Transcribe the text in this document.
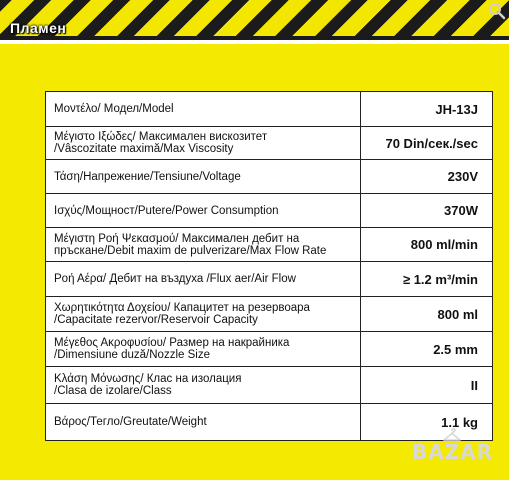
Пламен
Μοντέλο/ Модел/Model	JH-13J
Μέγιστο Ιξώδες/ Максимален вискозитет
/Vâscozitate maximă/Max Viscosity	70 Din/сек./sec
Τάση/Напрежение/Tensiune/Voltage	230V
Ισχύς/Мощност/Putere/Power Consumption	370W
Μέγιστη Ροή Ψεκασμού/ Максимален дебит на
пръскане/Debit maxim de pulverizare/Max Flow Rate	800 ml/min
Ροή Αέρα/ Дебит на въздуха /Flux aer/Air Flow	≥ 1.2 m³/min
Χωρητικότητα Δοχείου/ Капацитет на резервоара
/Capacitate rezervor/Reservoir Capacity	800 ml
Μέγεθος Ακροφυσίου/ Размер на накрайника
/Dimensiune duză/Nozzle Size	2.5 mm
Κλάση Μόνωσης/ Клас на изолация
/Clasa de izolare/Class	II
Βάρος/Тегло/Greutate/Weight	1.1 kg
BAZAR
